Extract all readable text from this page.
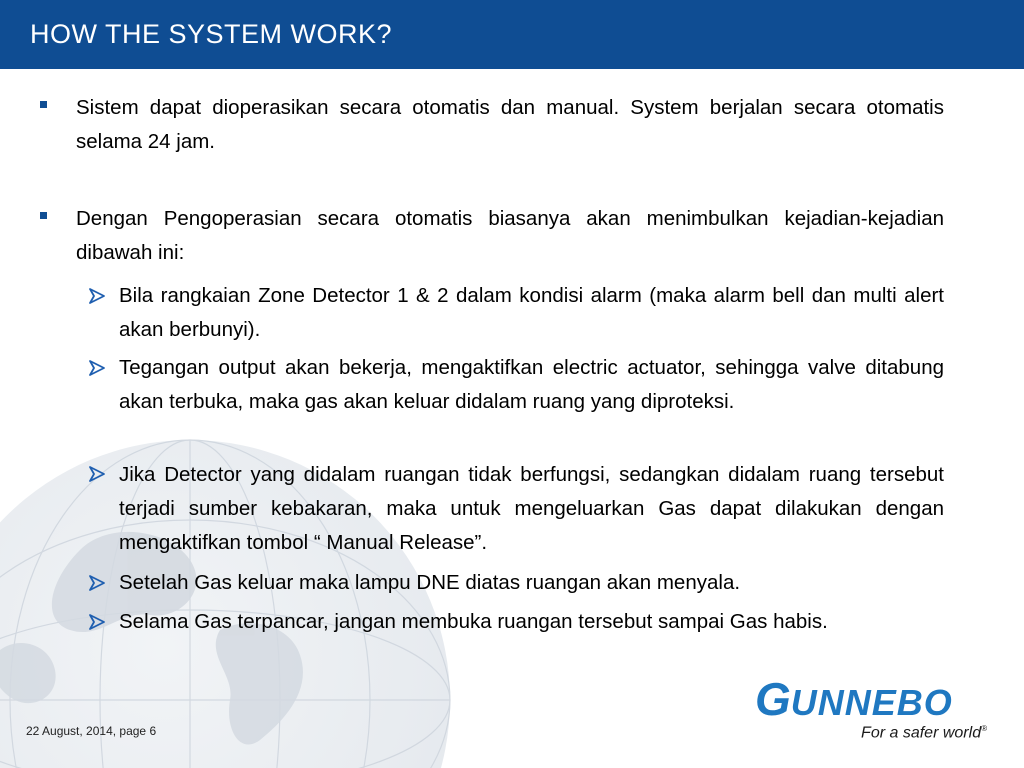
HOW THE SYSTEM WORK?
Sistem dapat dioperasikan secara otomatis dan manual. System berjalan secara otomatis selama 24 jam.
Dengan Pengoperasian secara otomatis biasanya akan menimbulkan kejadian-kejadian dibawah ini:
Bila rangkaian Zone Detector 1 & 2 dalam kondisi alarm (maka alarm bell dan multi alert akan berbunyi).
Tegangan output akan bekerja, mengaktifkan electric actuator, sehingga valve ditabung akan terbuka, maka gas akan keluar didalam ruang yang diproteksi.
Jika Detector yang didalam ruangan tidak berfungsi, sedangkan didalam ruang tersebut terjadi sumber kebakaran, maka untuk mengeluarkan Gas dapat dilakukan dengan mengaktifkan tombol “ Manual Release”.
Setelah Gas keluar maka lampu DNE diatas ruangan akan menyala.
Selama Gas terpancar, jangan membuka ruangan tersebut sampai Gas habis.
22 August, 2014, page 6
GUNNEBO
For a safer world®
